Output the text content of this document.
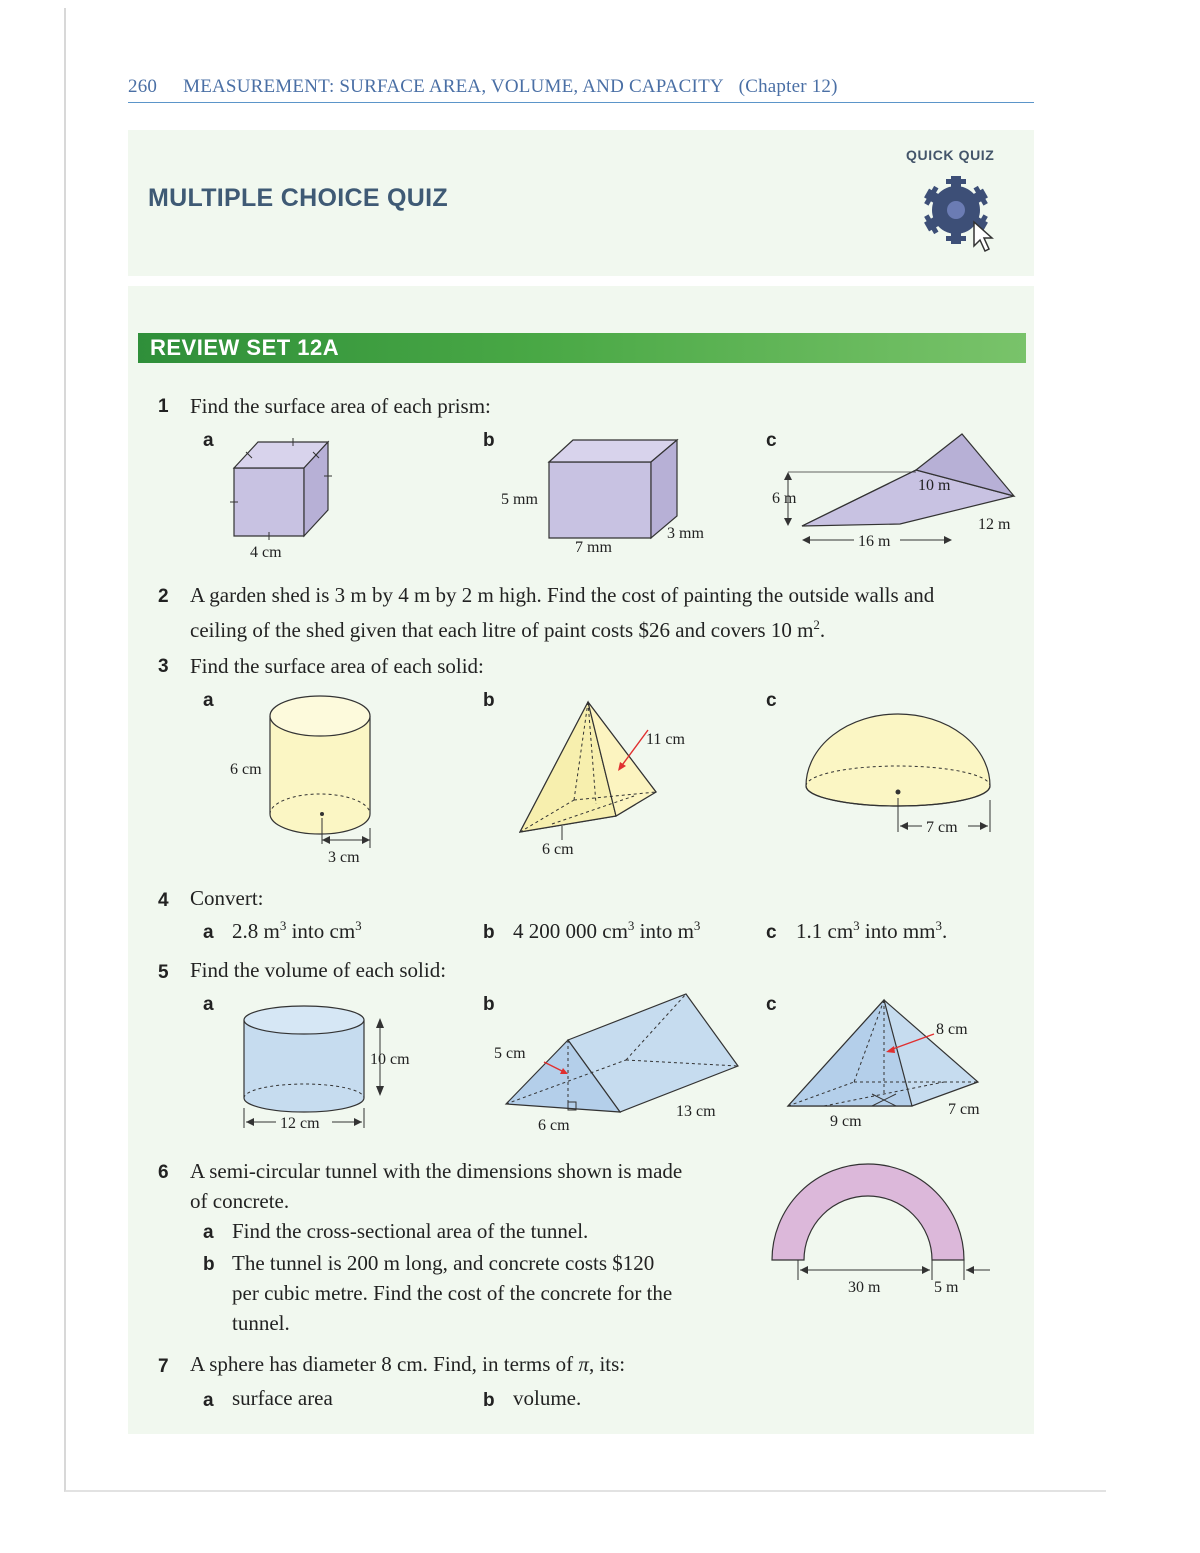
260 MEASUREMENT: SURFACE AREA, VOLUME, AND CAPACITY (Chapter 12)
MULTIPLE CHOICE QUIZ
QUICK QUIZ
REVIEW SET 12A
1 Find the surface area of each prism:
a	b	c
4 cm
5 mm
7 mm
3 mm
6 m
10 m
12 m
16 m
2 A garden shed is 3 m by 4 m by 2 m high. Find the cost of painting the outside walls and
ceiling of the shed given that each litre of paint costs $26 and covers 10 $m^2$.
3 Find the surface area of each solid:
a	b	c
6 cm
3 cm
11 cm
6 cm
7 cm
4 Convert:
a 2.8 $m^3$ into $cm^3$	b 4 200 000 $cm^3$ into $m^3$	c 1.1 $cm^3$ into $mm^3$.
5 Find the volume of each solid:
a	b	c
10 cm
12 cm
5 cm
6 cm
13 cm
8 cm
9 cm
7 cm
6 A semi-circular tunnel with the dimensions shown is made
of concrete.
a Find the cross-sectional area of the tunnel.
b The tunnel is 200 m long, and concrete costs $120
per cubic metre. Find the cost of the concrete for the
tunnel.
30 m	5 m
7 A sphere has diameter 8 cm. Find, in terms of π, its:
a surface area	b volume.
